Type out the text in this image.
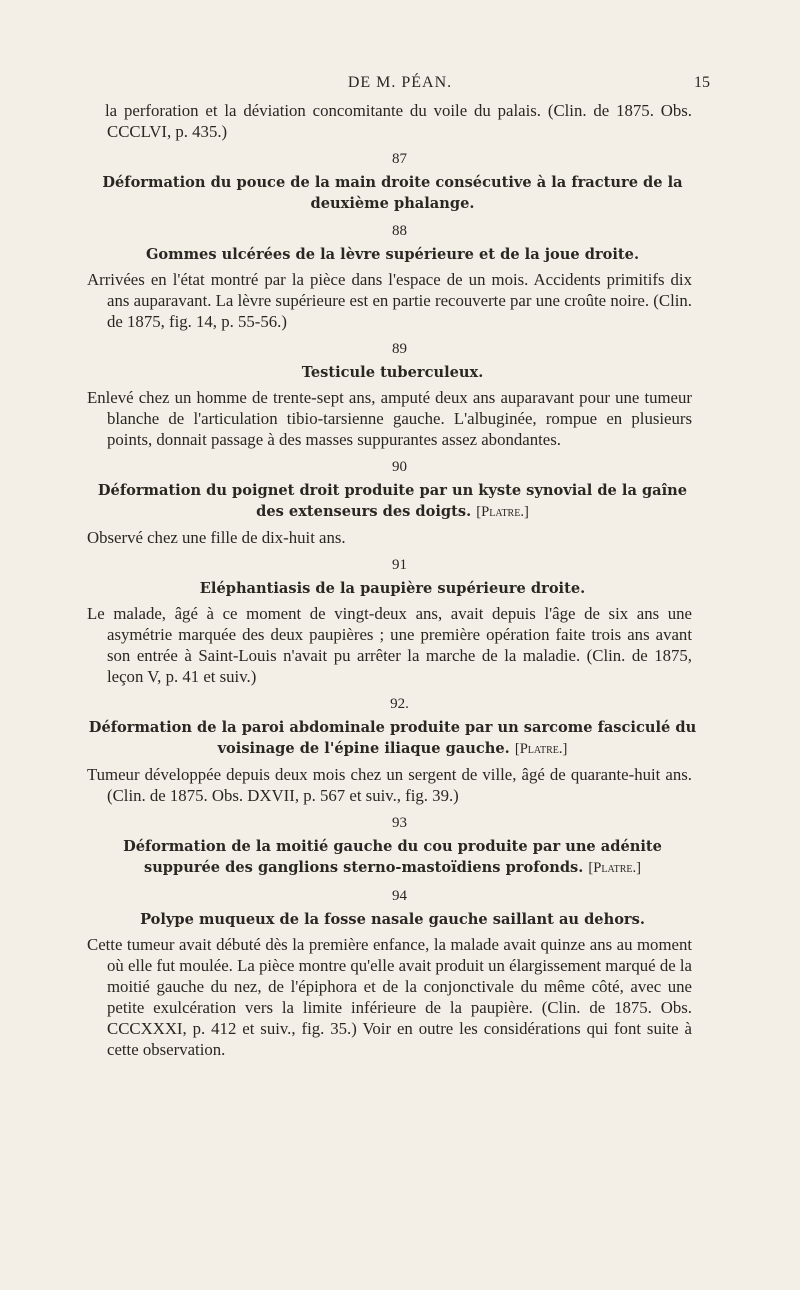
DE M. PÉAN.	15

la perforation et la déviation concomitante du voile du palais. (Clin. de 1875. Obs. CCCLVI, p. 435.)

87
Déformation du pouce de la main droite consécutive à la fracture de la deuxième phalange.
88
Gommes ulcérées de la lèvre supérieure et de la joue droite.

Arrivées en l'état montré par la pièce dans l'espace de un mois. Accidents primitifs dix ans auparavant. La lèvre supérieure est en partie recouverte par une croûte noire. (Clin. de 1875, fig. 14, p. 55-56.)

89
Testicule tuberculeux.

Enlevé chez un homme de trente-sept ans, amputé deux ans auparavant pour une tumeur blanche de l'articulation tibio-tarsienne gauche. L'albuginée, rompue en plusieurs points, donnait passage à des masses suppurantes assez abondantes.

90
Déformation du poignet droit produite par un kyste synovial de la gaîne des extenseurs des doigts. [Platre.]

Observé chez une fille de dix-huit ans.

91
Eléphantiasis de la paupière supérieure droite.

Le malade, âgé à ce moment de vingt-deux ans, avait depuis l'âge de six ans une asymétrie marquée des deux paupières ; une première opération faite trois ans avant son entrée à Saint-Louis n'avait pu arrêter la marche de la maladie. (Clin. de 1875, leçon V, p. 41 et suiv.)

92.
Déformation de la paroi abdominale produite par un sarcome fasciculé du voisinage de l'épine iliaque gauche. [Platre.]

Tumeur développée depuis deux mois chez un sergent de ville, âgé de quarante-huit ans. (Clin. de 1875. Obs. DXVII, p. 567 et suiv., fig. 39.)

93
Déformation de la moitié gauche du cou produite par une adénite suppurée des ganglions sterno-mastoïdiens profonds. [Platre.]
94
Polype muqueux de la fosse nasale gauche saillant au dehors.

Cette tumeur avait débuté dès la première enfance, la malade avait quinze ans au moment où elle fut moulée. La pièce montre qu'elle avait produit un élargissement marqué de la moitié gauche du nez, de l'épiphora et de la conjonctivale du même côté, avec une petite exulcération vers la limite inférieure de la paupière. (Clin. de 1875. Obs. CCCXXXI, p. 412 et suiv., fig. 35.) Voir en outre les considérations qui font suite à cette observation.
